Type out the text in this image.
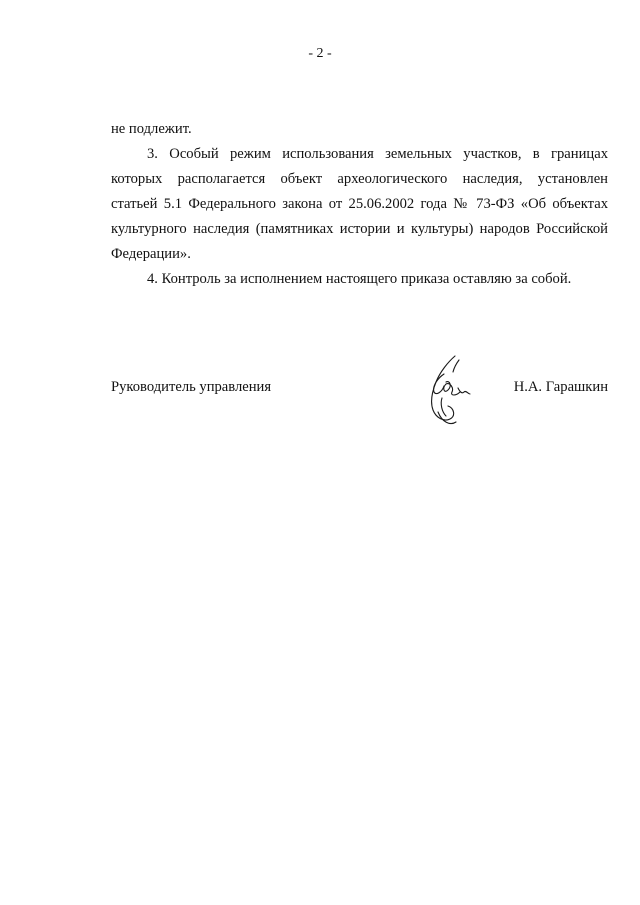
- 2 -
не подлежит.
3. Особый режим использования земельных участков, в границах
которых располагается объект археологического наследия, установлен
статьей 5.1 Федерального закона от 25.06.2002 года № 73-ФЗ «Об объектах
культурного наследия (памятниках истории и культуры) народов Российской
Федерации».
4. Контроль за исполнением настоящего приказа оставляю за собой.
Руководитель управления	Н.А. Гарашкин
